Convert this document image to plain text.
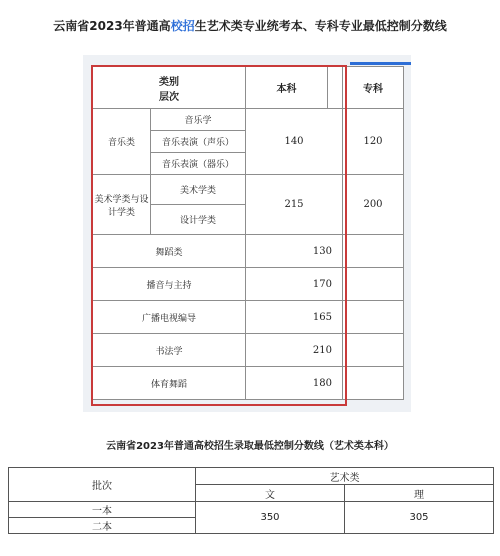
云南省2023年普通高校招生艺术类专业统考本、专科专业最低控制分数线
类别
层次		本科		专科
音乐类	音乐学	140		120
	音乐表演（声乐）			
	音乐表演（器乐）			
美术学类与设计学类	美术学类	215		200
	设计学类			
舞蹈类		130		
播音与主持		170		
广播电视编导		165		
书法学		210		
体育舞蹈		180		
云南省2023年普通高校招生录取最低控制分数线（艺术类本科）
批次	艺术类	
	文	理
一本	350	305
二本		
